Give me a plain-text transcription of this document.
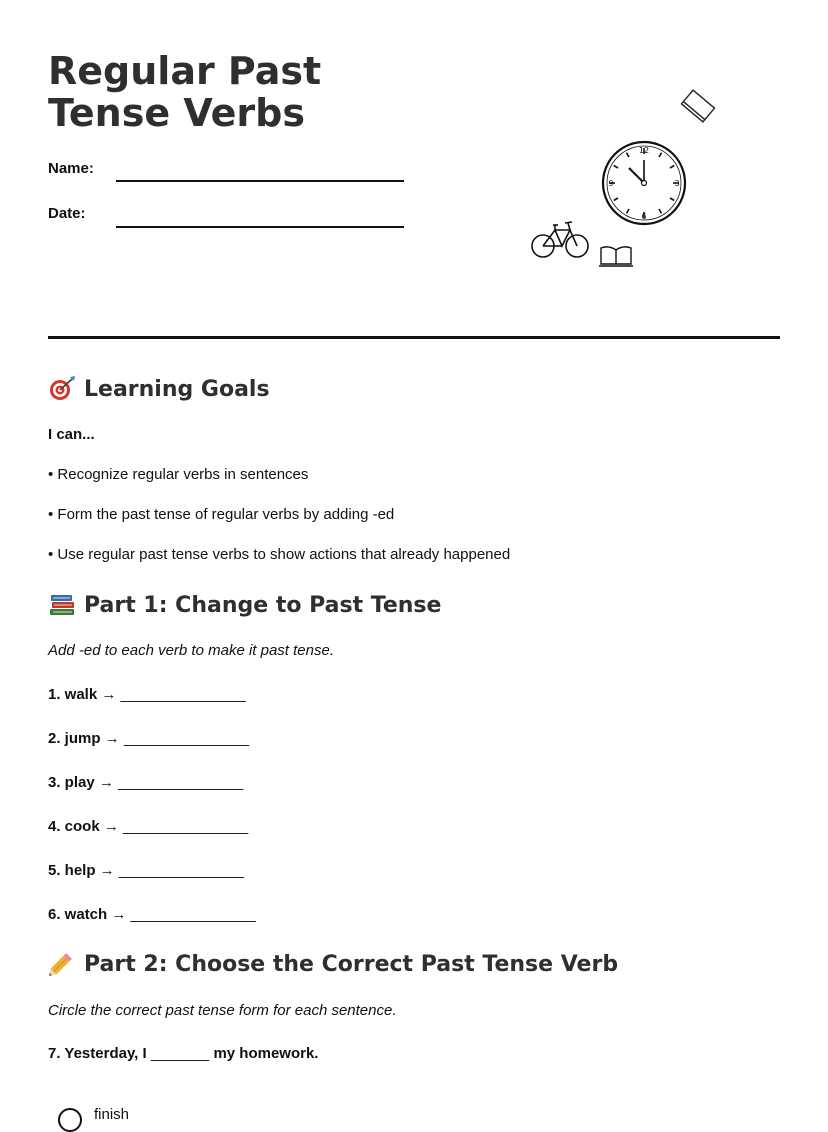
Regular Past Tense Verbs
Name:
Date:
12
3
6
9
Learning Goals
I can...
• Recognize regular verbs in sentences
• Form the past tense of regular verbs by adding -ed
• Use regular past tense verbs to show actions that already happened
Part 1: Change to Past Tense
Add -ed to each verb to make it past tense.
1. walk → _______________
2. jump → _______________
3. play → _______________
4. cook → _______________
5. help → _______________
6. watch → _______________
Part 2: Choose the Correct Past Tense Verb
Circle the correct past tense form for each sentence.
7. Yesterday, I _______ my homework.
finish
